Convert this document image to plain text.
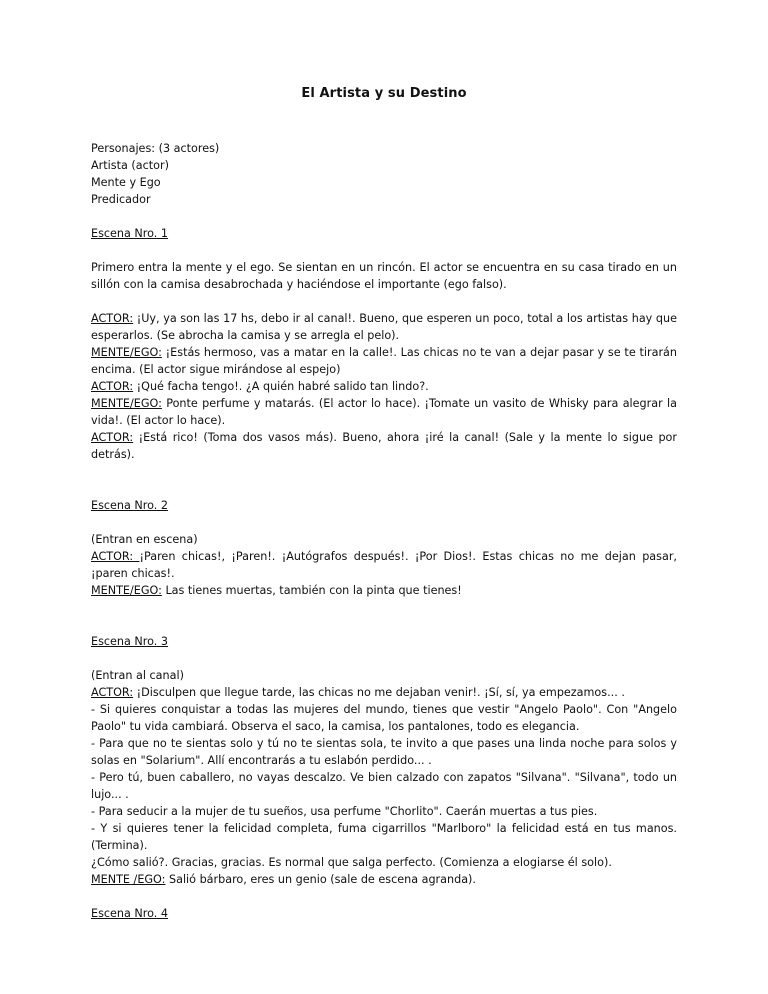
El Artista y su Destino

Personajes: (3 actores)

Artista (actor)

Mente y Ego

Predicador

Escena Nro. 1

Primero entra la mente y el ego. Se sientan en un rincón. El actor se encuentra en su casa tirado en un sillón con la camisa desabrochada y haciéndose el importante (ego falso).

ACTOR: ¡Uy, ya son las 17 hs, debo ir al canal!. Bueno, que esperen un poco, total a los artistas hay que esperarlos. (Se abrocha la camisa y se arregla el pelo).

MENTE/EGO: ¡Estás hermoso, vas a matar en la calle!. Las chicas no te van a dejar pasar y se te tirarán encima. (El actor sigue mirándose al espejo)

ACTOR: ¡Qué facha tengo!. ¿A quién habré salido tan lindo?.

MENTE/EGO: Ponte perfume y matarás. (El actor lo hace). ¡Tomate un vasito de Whisky para alegrar la vida!. (El actor lo hace).

ACTOR: ¡Está rico! (Toma dos vasos más). Bueno, ahora ¡iré la canal! (Sale y la mente lo sigue por detrás).

Escena Nro. 2

(Entran en escena)

ACTOR: ¡Paren chicas!, ¡Paren!. ¡Autógrafos después!. ¡Por Dios!. Estas chicas no me dejan pasar, ¡paren chicas!.

MENTE/EGO: Las tienes muertas, también con la pinta que tienes!

Escena Nro. 3

(Entran al canal)

ACTOR: ¡Disculpen que llegue tarde, las chicas no me dejaban venir!. ¡Sí, sí, ya empezamos... .

- Si quieres conquistar a todas las mujeres del mundo, tienes que vestir "Angelo Paolo". Con "Angelo Paolo" tu vida cambiará. Observa el saco, la camisa, los pantalones, todo es elegancia.

- Para que no te sientas solo y tú no te sientas sola, te invito a que pases una linda noche para solos y solas en "Solarium". Allí encontrarás a tu eslabón perdido... .

- Pero tú, buen caballero, no vayas descalzo. Ve bien calzado con zapatos "Silvana". "Silvana", todo un lujo... .

- Para seducir a la mujer de tu sueños, usa perfume "Chorlito". Caerán muertas a tus pies.

- Y si quieres tener la felicidad completa, fuma cigarrillos "Marlboro" la felicidad está en tus manos. (Termina).

¿Cómo salió?. Gracias, gracias. Es normal que salga perfecto. (Comienza a elogiarse él solo).

MENTE /EGO: Salió bárbaro, eres un genio (sale de escena agranda).

Escena Nro. 4
